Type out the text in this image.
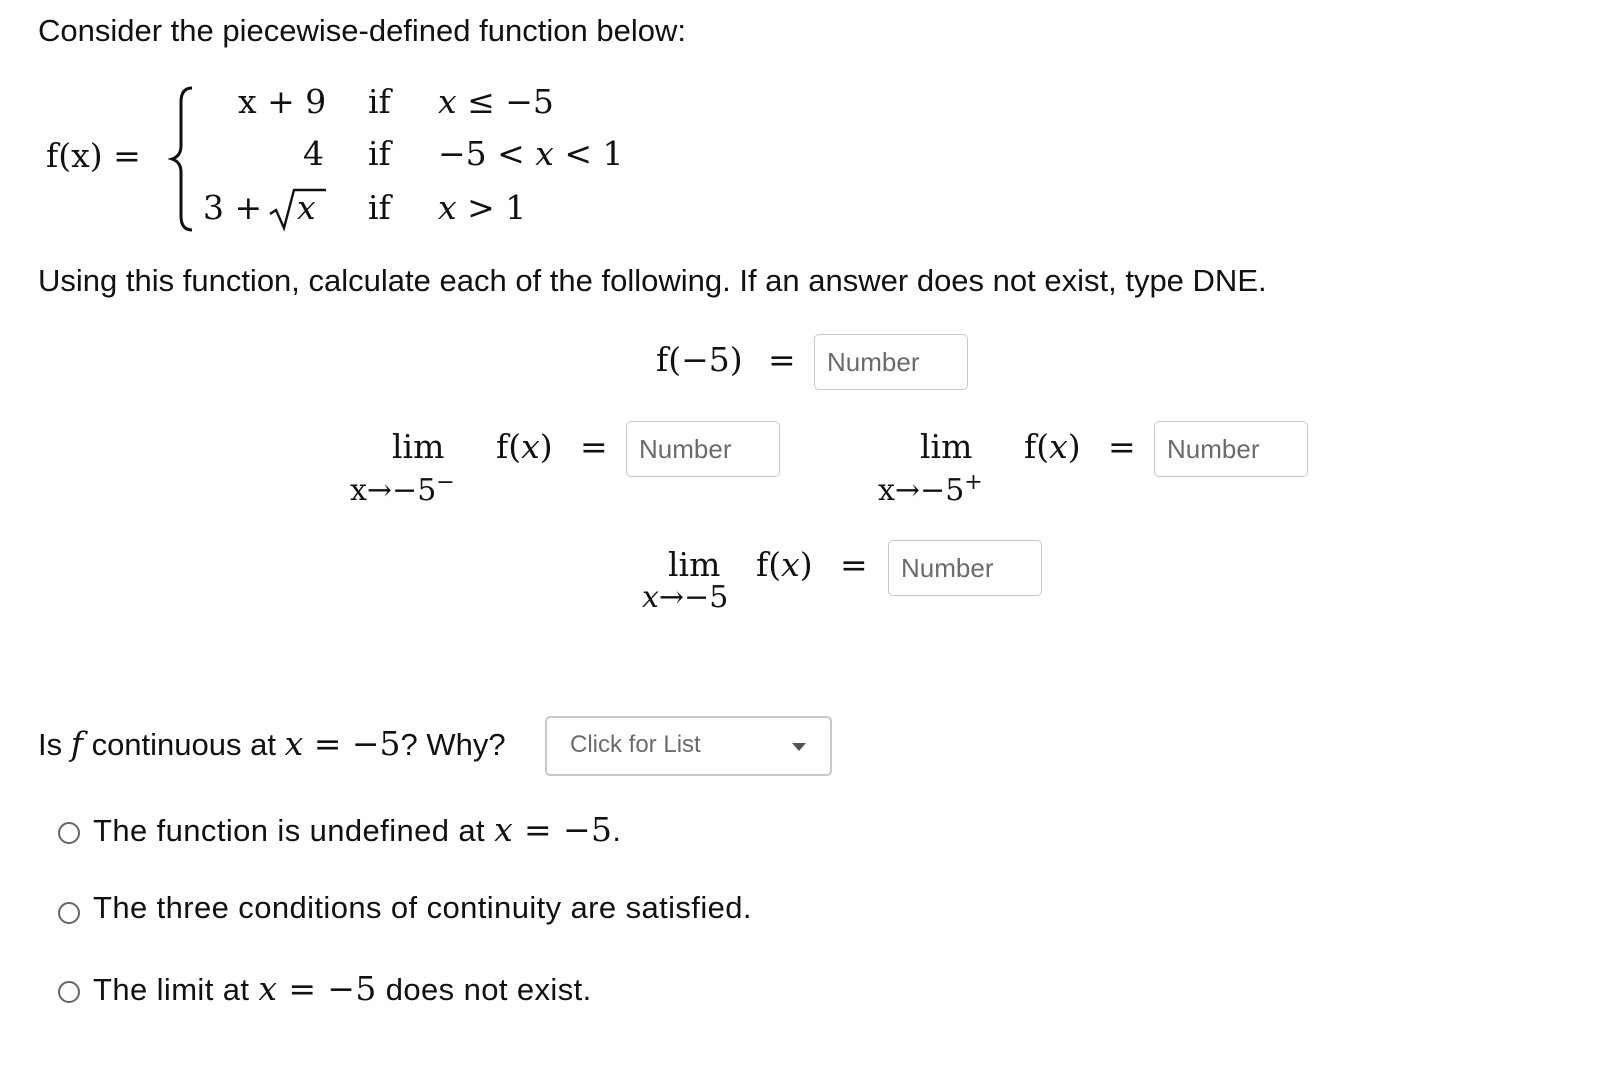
Consider the piecewise-defined function below:
f(x) =
x + 9 if x ≤ −5
4 if −5 < x < 1
3 + x if x > 1
Using this function, calculate each of the following. If an answer does not exist, type DNE.
f(−5) =
Number
lim
x→−5−
f(x) =
Number	lim
x→−5+
f(x) =
Number
lim
x→−5
f(x) =
Number
Is f continuous at x = −5? Why?	Click for List
The function is undefined at x = −5.
The three conditions of continuity are satisfied.
The limit at x = −5 does not exist.
